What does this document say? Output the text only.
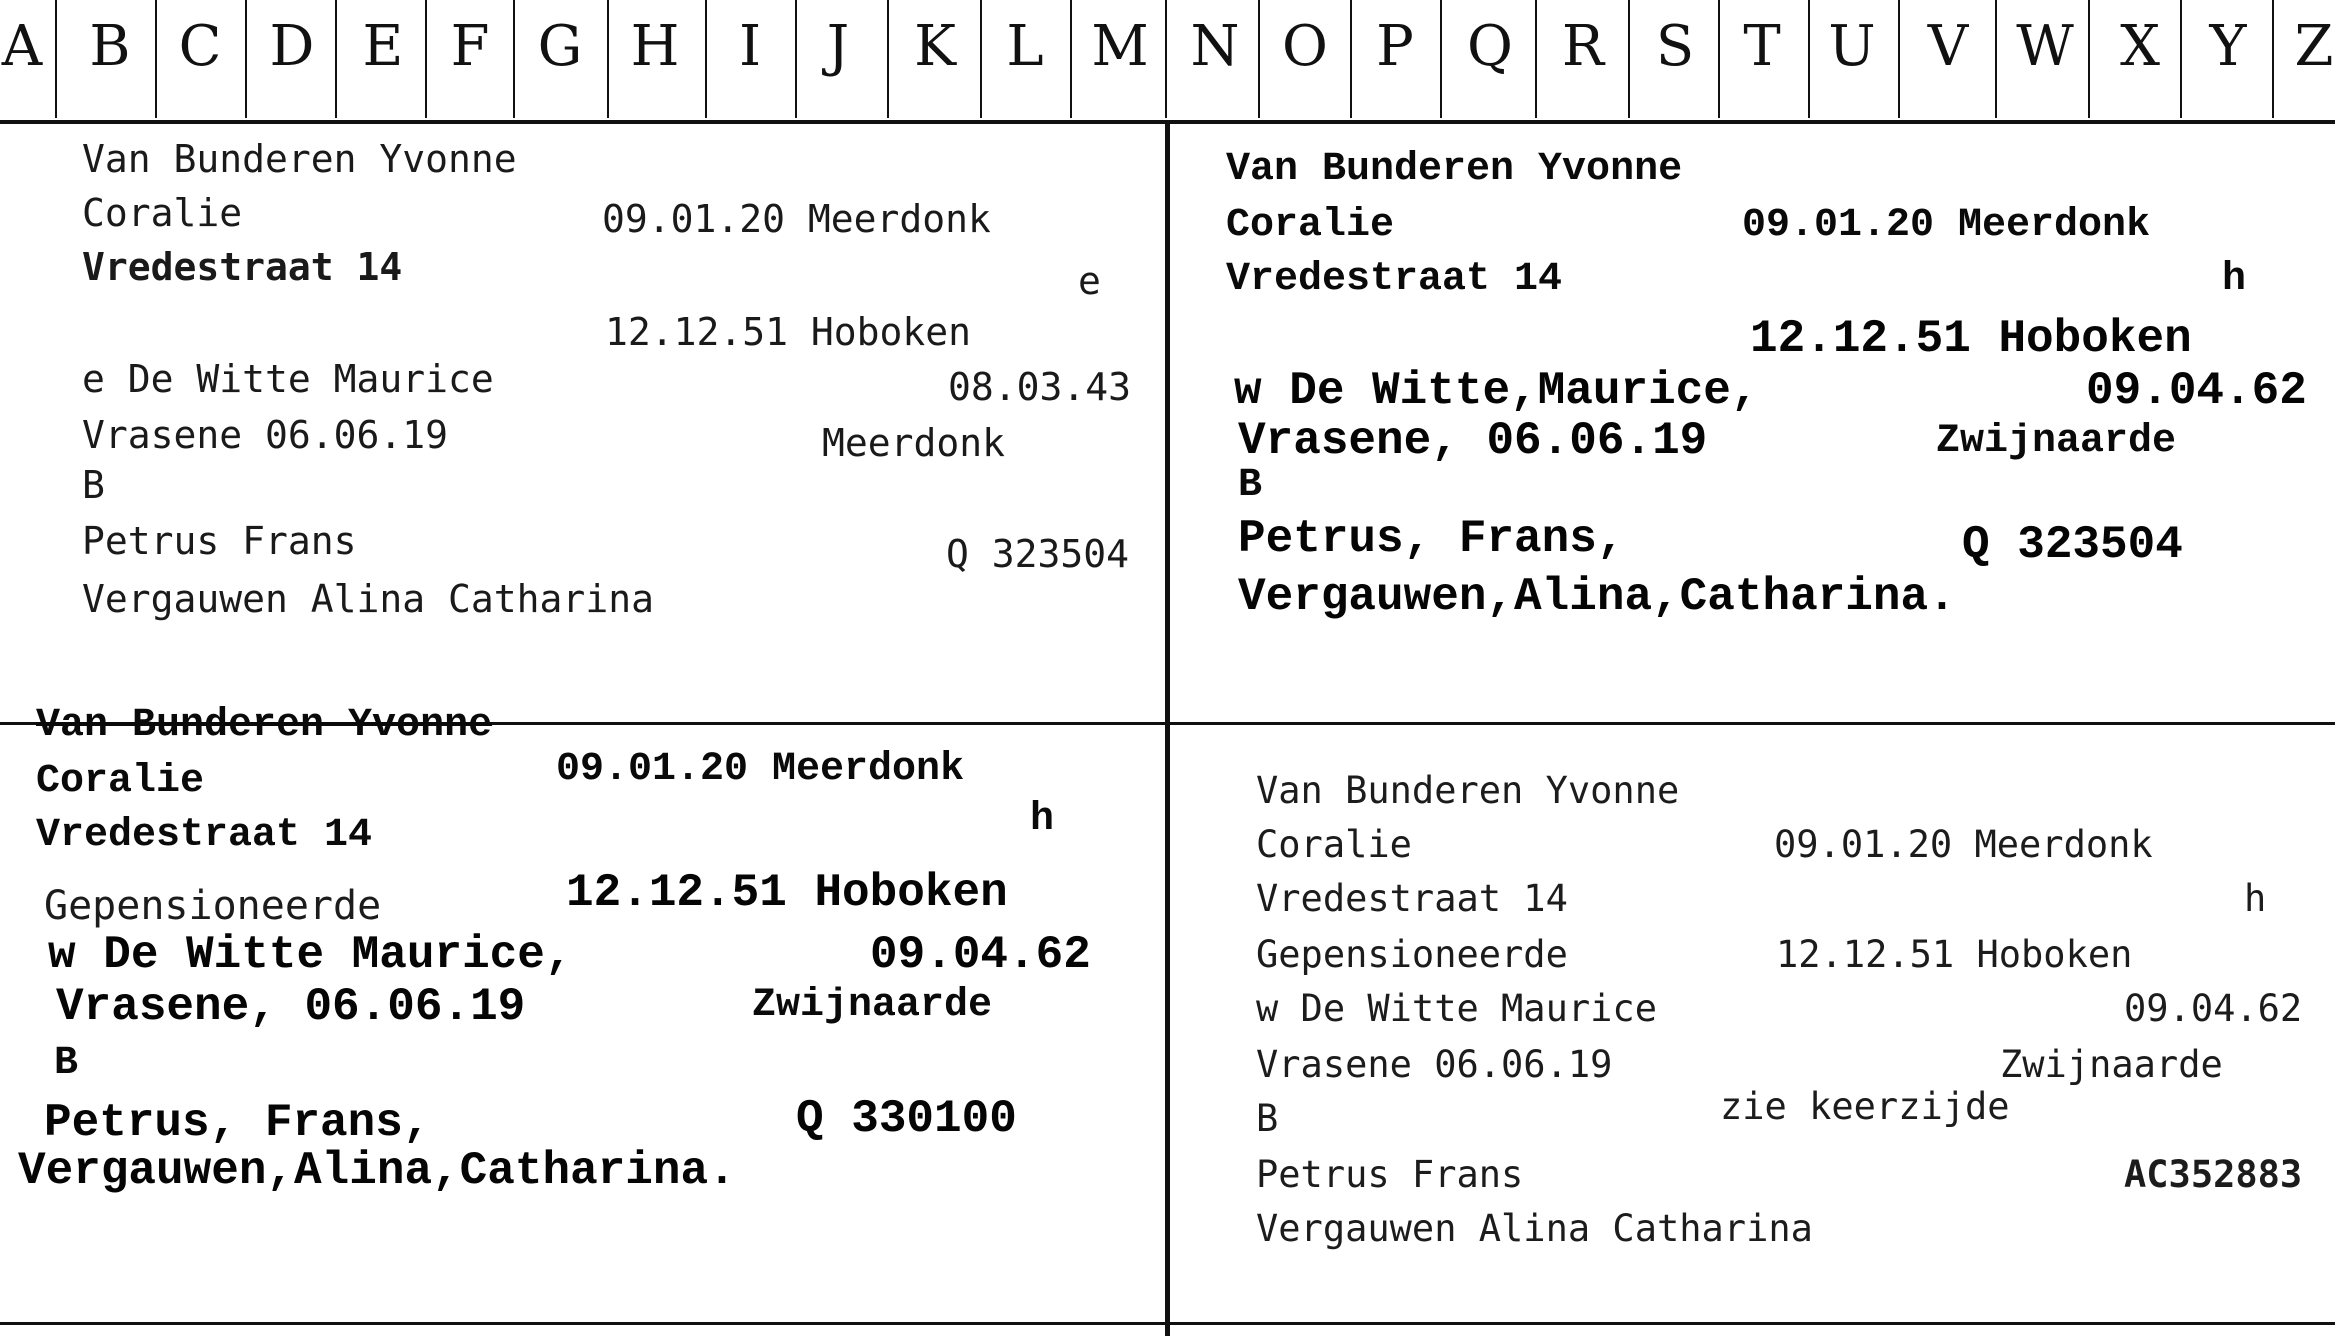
A B C D E F G H	I	J	K L M N O P Q R S T U V W X Y Z
Van Bunderen Yvonne
Coralie	09.01.20 Meerdonk
Vredestraat 14	e
12.12.51 Hoboken
e De Witte Maurice	08.03.43
Vrasene 06.06.19	Meerdonk
B
Petrus Frans	Q 323504
Vergauwen Alina Catharina
Van Bunderen Yvonne
Coralie	09.01.20 Meerdonk
Vredestraat 14	h
12.12.51 Hoboken
w De Witte,Maurice,	09.04.62
Vrasene, 06.06.19	Zwijnaarde
B
Petrus, Frans,	Q 323504
Vergauwen,Alina,Catharina.
Van Bunderen Yvonne
Coralie	09.01.20 Meerdonk
Vredestraat 14	h
Gepensioneerde	12.12.51 Hoboken
w De Witte Maurice,	09.04.62
Vrasene, 06.06.19	Zwijnaarde
B
Petrus, Frans,	Q 330100
Vergauwen,Alina,Catharina.
Van Bunderen Yvonne
Coralie	09.01.20 Meerdonk
Vredestraat 14	h
Gepensioneerde	12.12.51 Hoboken
w De Witte Maurice	09.04.62
Vrasene 06.06.19	Zwijnaarde
B	zie keerzijde
Petrus Frans	AC352883
Vergauwen Alina Catharina
